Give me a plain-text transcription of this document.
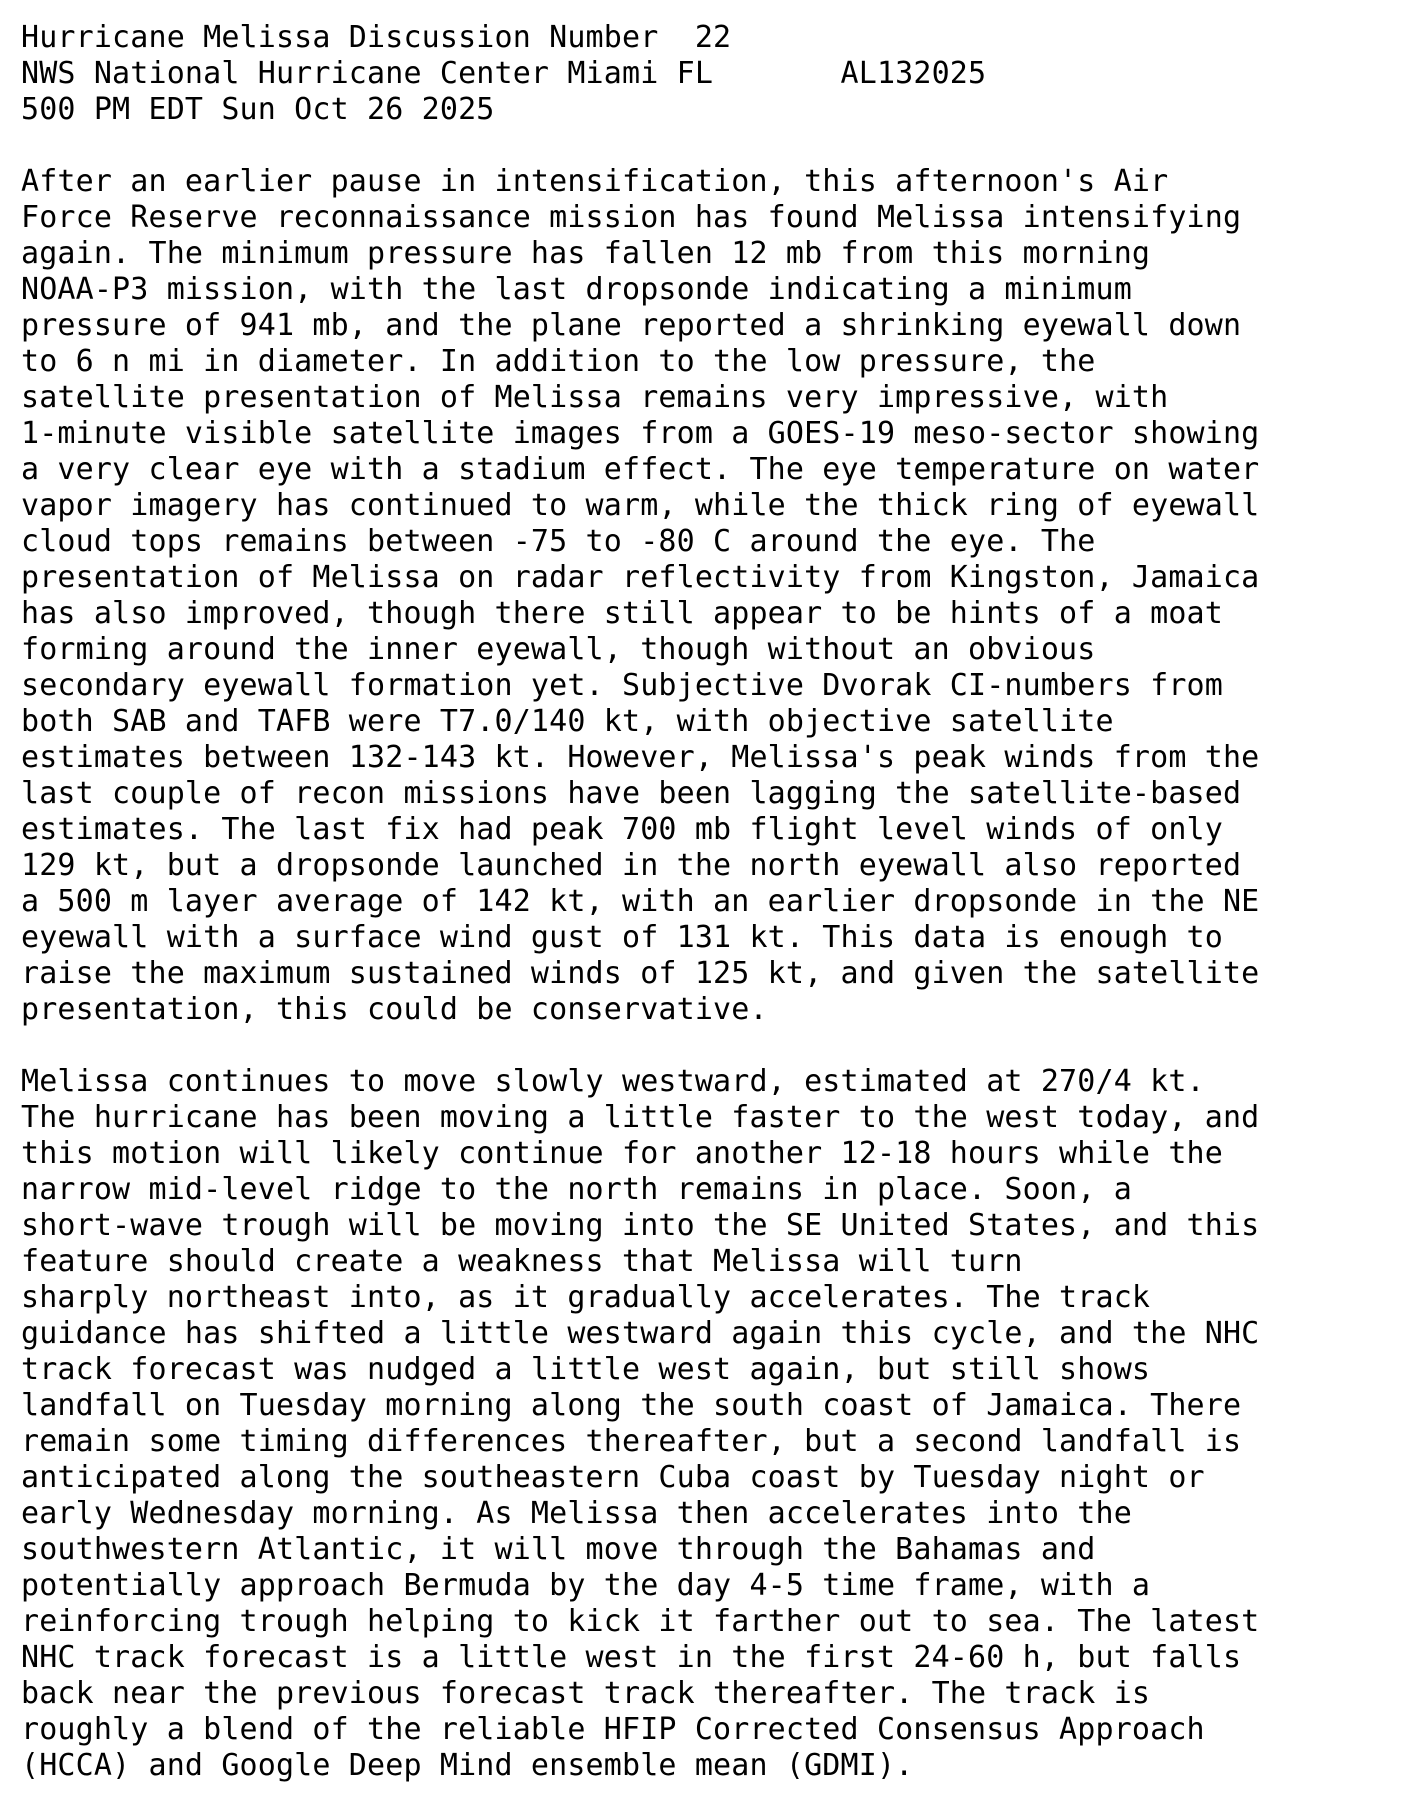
Hurricane Melissa Discussion Number  22
NWS National Hurricane Center Miami FL       AL132025
500 PM EDT Sun Oct 26 2025
After an earlier pause in intensification, this afternoon's Air
Force Reserve reconnaissance mission has found Melissa intensifying
again. The minimum pressure has fallen 12 mb from this morning
NOAA-P3 mission, with the last dropsonde indicating a minimum
pressure of 941 mb, and the plane reported a shrinking eyewall down
to 6 n mi in diameter. In addition to the low pressure, the
satellite presentation of Melissa remains very impressive, with
1-minute visible satellite images from a GOES-19 meso-sector showing
a very clear eye with a stadium effect. The eye temperature on water
vapor imagery has continued to warm, while the thick ring of eyewall
cloud tops remains between -75 to -80 C around the eye. The
presentation of Melissa on radar reflectivity from Kingston, Jamaica
has also improved, though there still appear to be hints of a moat
forming around the inner eyewall, though without an obvious
secondary eyewall formation yet. Subjective Dvorak CI-numbers from
both SAB and TAFB were T7.0/140 kt, with objective satellite
estimates between 132-143 kt. However, Melissa's peak winds from the
last couple of recon missions have been lagging the satellite-based
estimates. The last fix had peak 700 mb flight level winds of only
129 kt, but a dropsonde launched in the north eyewall also reported
a 500 m layer average of 142 kt, with an earlier dropsonde in the NE
eyewall with a surface wind gust of 131 kt. This data is enough to
raise the maximum sustained winds of 125 kt, and given the satellite
presentation, this could be conservative.
Melissa continues to move slowly westward, estimated at 270/4 kt.
The hurricane has been moving a little faster to the west today, and
this motion will likely continue for another 12-18 hours while the
narrow mid-level ridge to the north remains in place. Soon, a
short-wave trough will be moving into the SE United States, and this
feature should create a weakness that Melissa will turn
sharply northeast into, as it gradually accelerates. The track
guidance has shifted a little westward again this cycle, and the NHC
track forecast was nudged a little west again, but still shows
landfall on Tuesday morning along the south coast of Jamaica. There
remain some timing differences thereafter, but a second landfall is
anticipated along the southeastern Cuba coast by Tuesday night or
early Wednesday morning. As Melissa then accelerates into the
southwestern Atlantic, it will move through the Bahamas and
potentially approach Bermuda by the day 4-5 time frame, with a
reinforcing trough helping to kick it farther out to sea. The latest
NHC track forecast is a little west in the first 24-60 h, but falls
back near the previous forecast track thereafter. The track is
roughly a blend of the reliable HFIP Corrected Consensus Approach
(HCCA) and Google Deep Mind ensemble mean (GDMI).
